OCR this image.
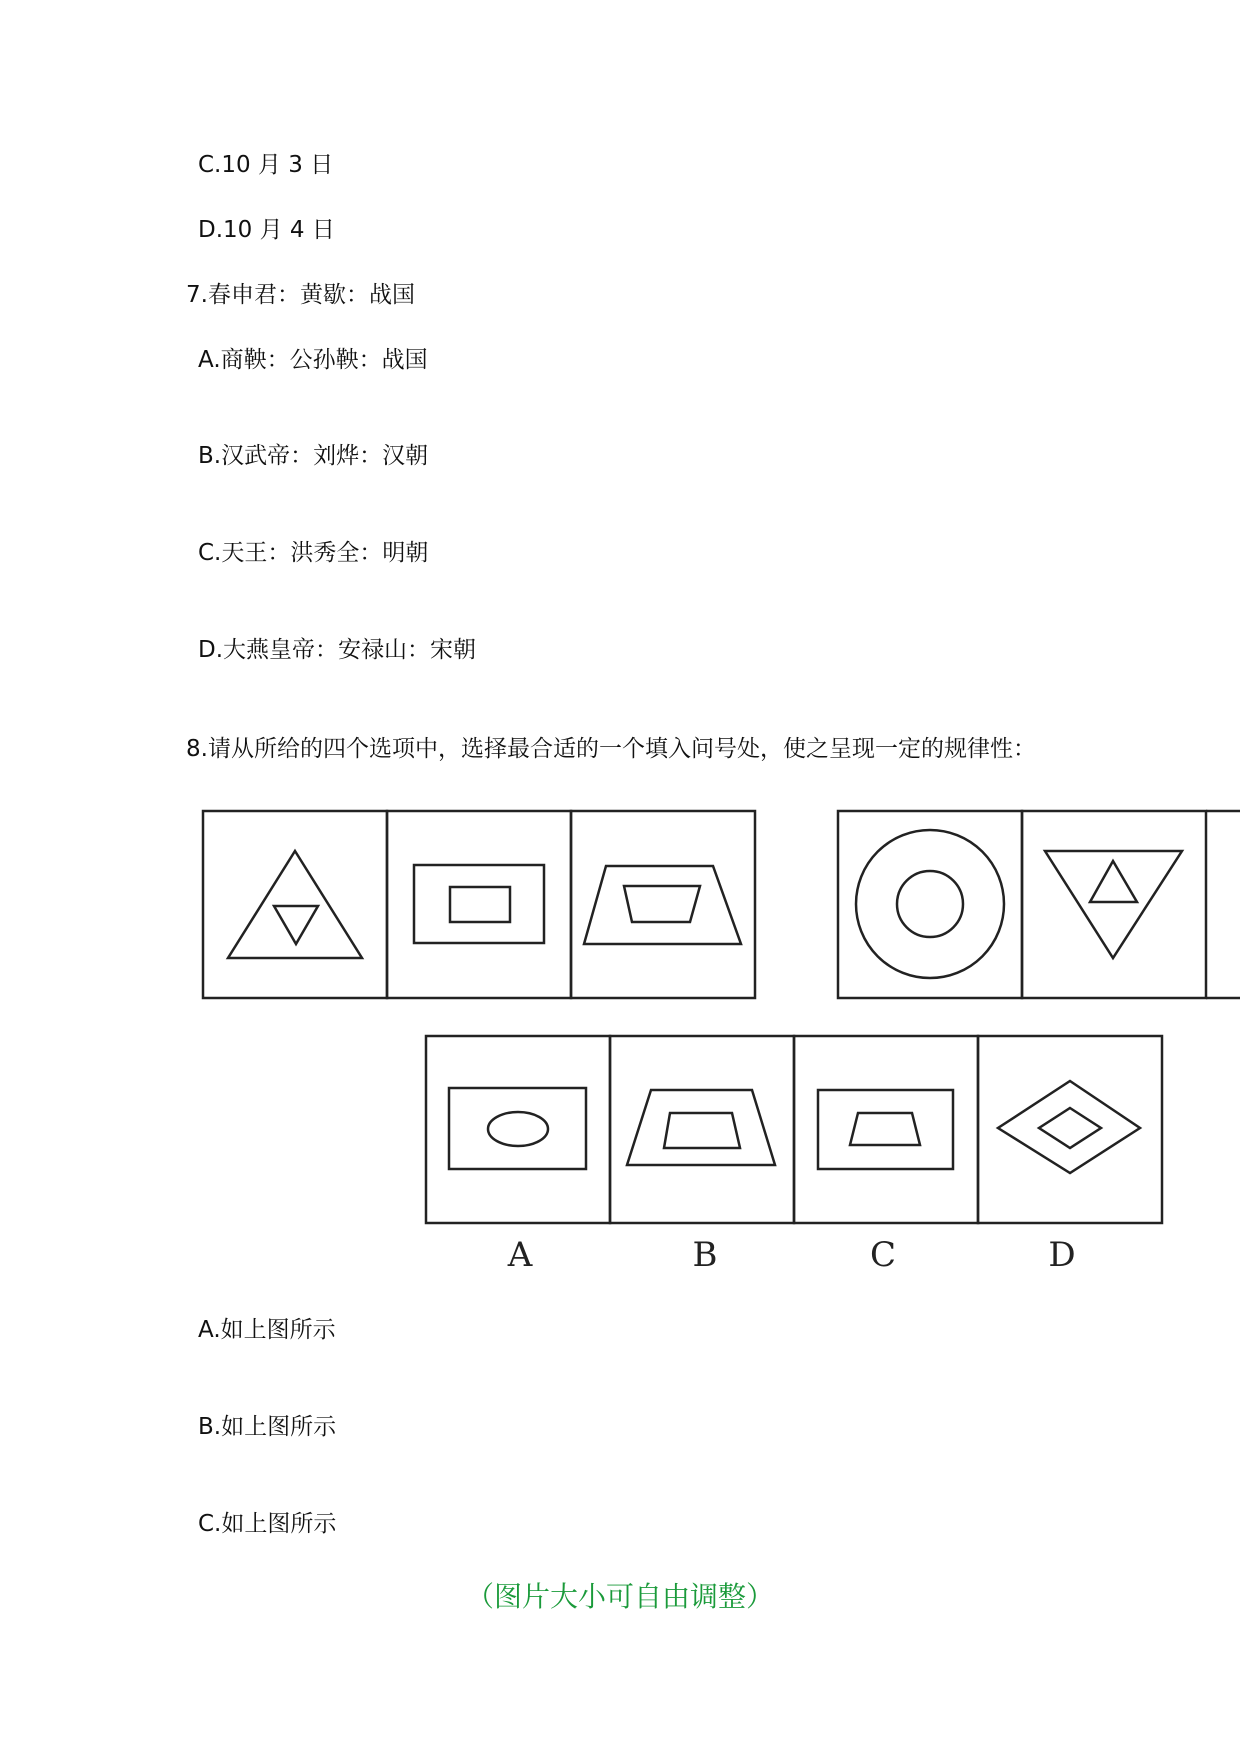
C.10 月 3 日
D.10 月 4 日
7.春申君：黄歇：战国
A.商鞅：公孙鞅：战国
B.汉武帝：刘烨：汉朝
C.天王：洪秀全：明朝
D.大燕皇帝：安禄山：宋朝
8.请从所给的四个选项中，选择最合适的一个填入问号处，使之呈现一定的规律性：
A	B	C	D
A.如上图所示
B.如上图所示
C.如上图所示
（图片大小可自由调整）
